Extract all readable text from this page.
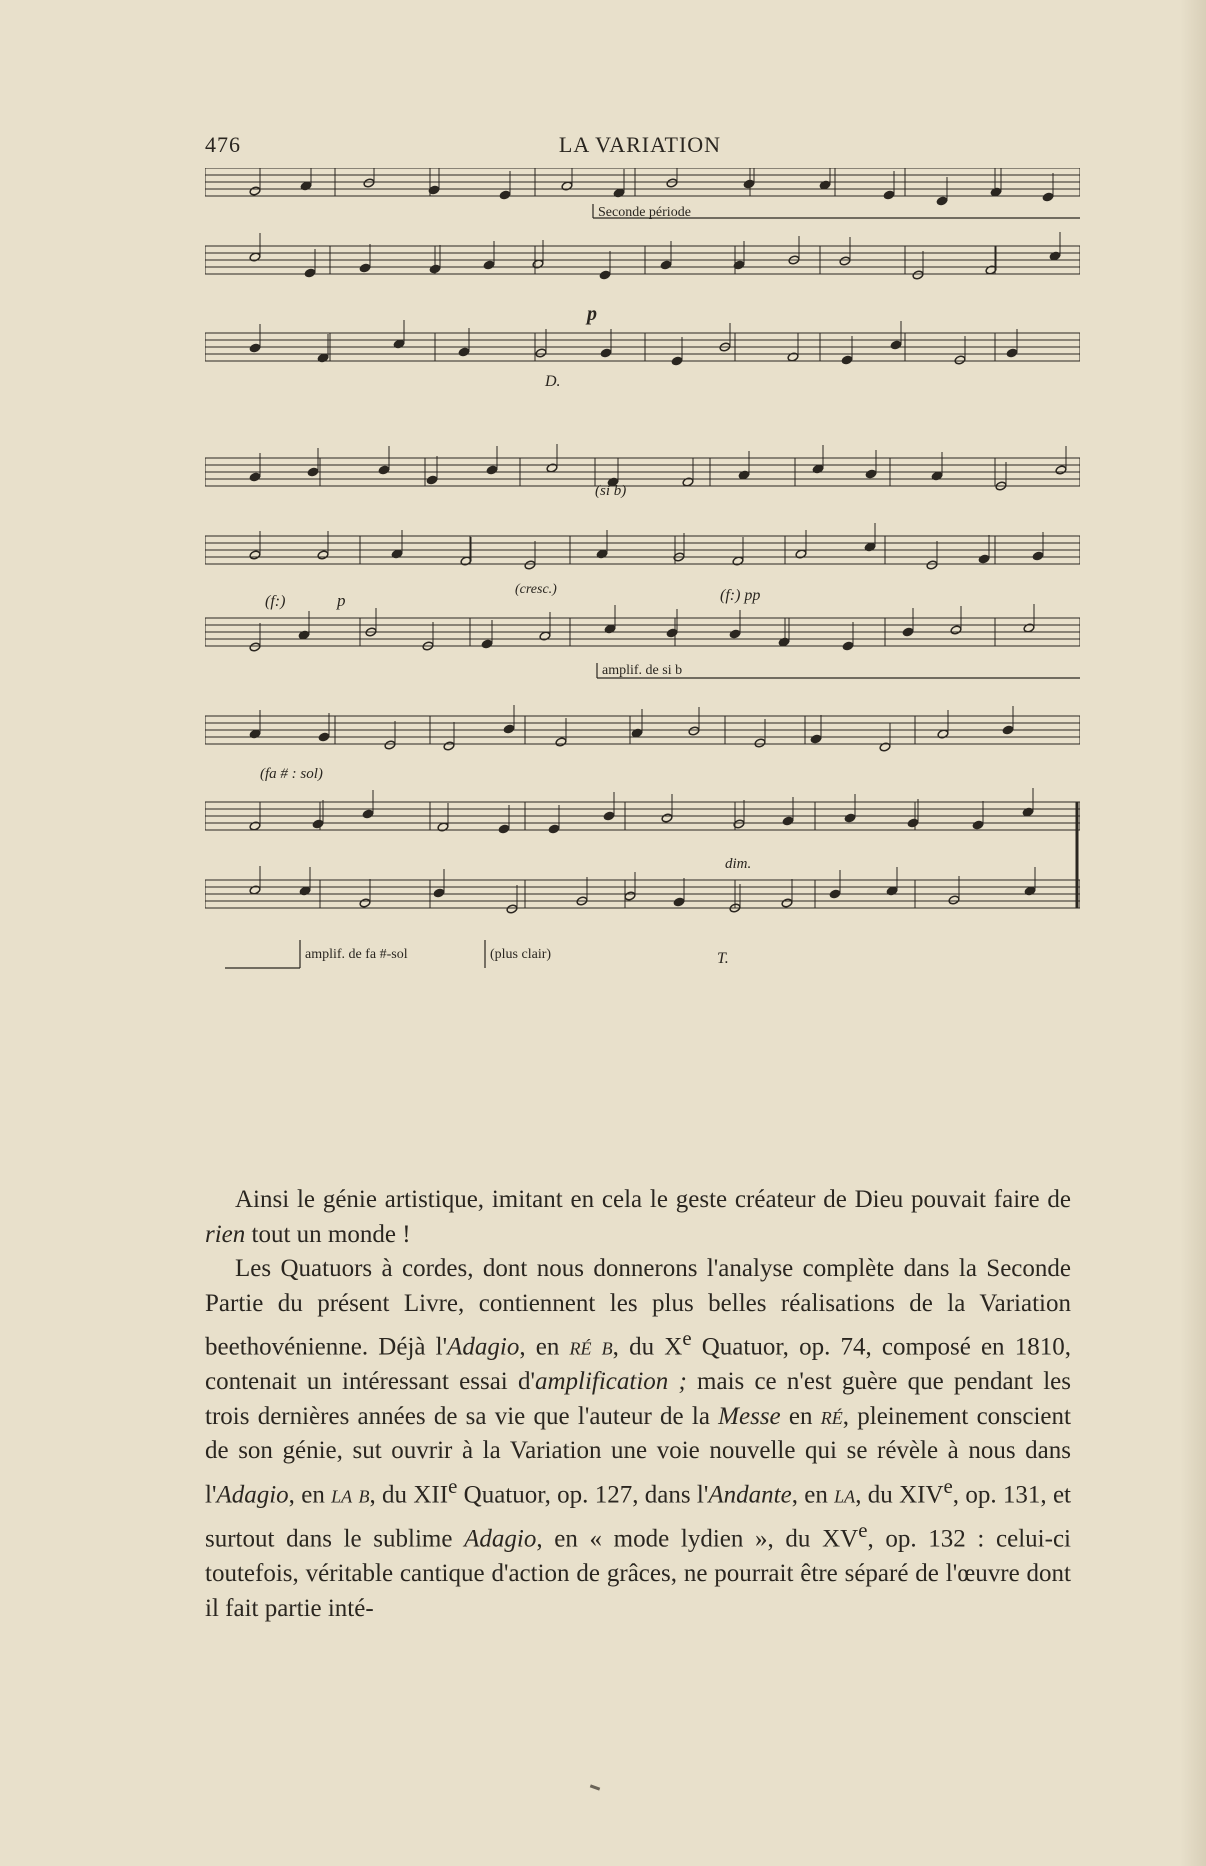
476	LA VARIATION
Seconde période
p
D.
(si b)
(cresc.)
(f:)	p	(f:) pp
amplif. de si b
(fa # : sol)
dim.
amplif. de fa #-sol	(plus clair)	T.

Ainsi le génie artistique, imitant en cela le geste créateur de Dieu pouvait faire de rien tout un monde !

Les Quatuors à cordes, dont nous donnerons l'analyse complète dans la Seconde Partie du présent Livre, contiennent les plus belles réalisations de la Variation beethovénienne. Déjà l'Adagio, en ré b, du Xe Quatuor, op. 74, composé en 1810, contenait un intéressant essai d'amplification ; mais ce n'est guère que pendant les trois dernières années de sa vie que l'auteur de la Messe en ré, pleinement conscient de son génie, sut ouvrir à la Variation une voie nouvelle qui se révèle à nous dans l'Adagio, en la b, du XIIe Quatuor, op. 127, dans l'Andante, en la, du XIVe, op. 131, et surtout dans le sublime Adagio, en « mode lydien », du XVe, op. 132 : celui-ci toutefois, véritable cantique d'action de grâces, ne pourrait être séparé de l'œuvre dont il fait partie inté-
